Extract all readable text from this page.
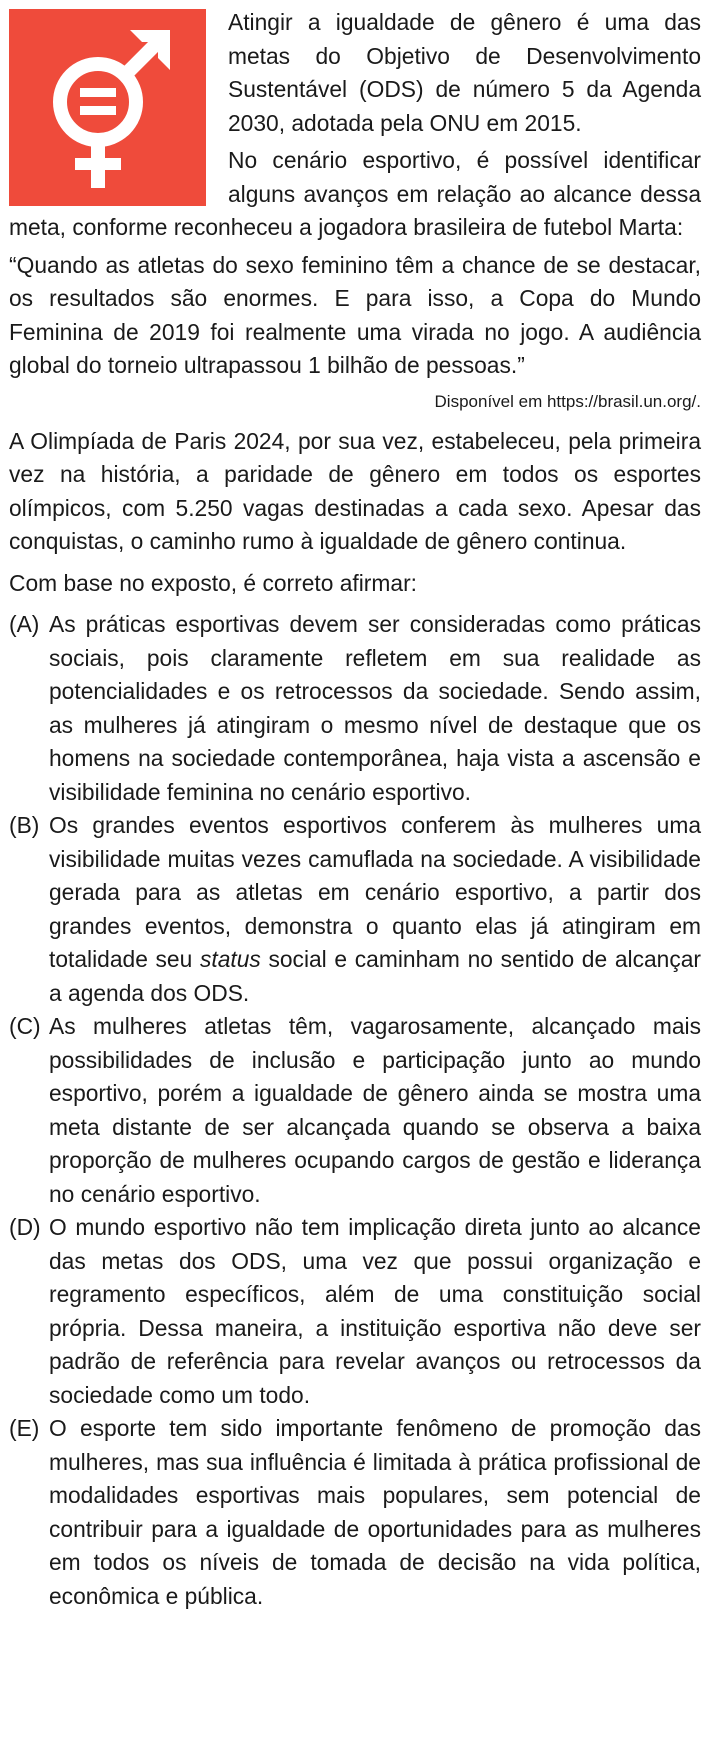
Atingir a igualdade de gênero é uma das metas do Objetivo de Desenvolvimento Sustentável (ODS) de número 5 da Agenda 2030, adotada pela ONU em 2015.

No cenário esportivo, é possível identificar alguns avanços em relação ao alcance dessa meta, conforme reconheceu a jogadora brasileira de futebol Marta:

“Quando as atletas do sexo feminino têm a chance de se destacar, os resultados são enormes. E para isso, a Copa do Mundo Feminina de 2019 foi realmente uma virada no jogo. A audiência global do torneio ultrapassou 1 bilhão de pessoas.”

Disponível em https://brasil.un.org/.

A Olimpíada de Paris 2024, por sua vez, estabeleceu, pela primeira vez na história, a paridade de gênero em todos os esportes olímpicos, com 5.250 vagas destinadas a cada sexo. Apesar das conquistas, o caminho rumo à igualdade de gênero continua.

Com base no exposto, é correto afirmar:

(A) As práticas esportivas devem ser consideradas como práticas sociais, pois claramente refletem em sua realidade as potencialidades e os retrocessos da sociedade. Sendo assim, as mulheres já atingiram o mesmo nível de destaque que os homens na sociedade contemporânea, haja vista a ascensão e visibilidade feminina no cenário esportivo.
(B) Os grandes eventos esportivos conferem às mulheres uma visibilidade muitas vezes camuflada na sociedade. A visibilidade gerada para as atletas em cenário esportivo, a partir dos grandes eventos, demonstra o quanto elas já atingiram em totalidade seu status social e caminham no sentido de alcançar a agenda dos ODS.
(C) As mulheres atletas têm, vagarosamente, alcançado mais possibilidades de inclusão e participação junto ao mundo esportivo, porém a igualdade de gênero ainda se mostra uma meta distante de ser alcançada quando se observa a baixa proporção de mulheres ocupando cargos de gestão e liderança no cenário esportivo.
(D) O mundo esportivo não tem implicação direta junto ao alcance das metas dos ODS, uma vez que possui organização e regramento específicos, além de uma constituição social própria. Dessa maneira, a instituição esportiva não deve ser padrão de referência para revelar avanços ou retrocessos da sociedade como um todo.
(E) O esporte tem sido importante fenômeno de promoção das mulheres, mas sua influência é limitada à prática profissional de modalidades esportivas mais populares, sem potencial de contribuir para a igualdade de oportunidades para as mulheres em todos os níveis de tomada de decisão na vida política, econômica e pública.
